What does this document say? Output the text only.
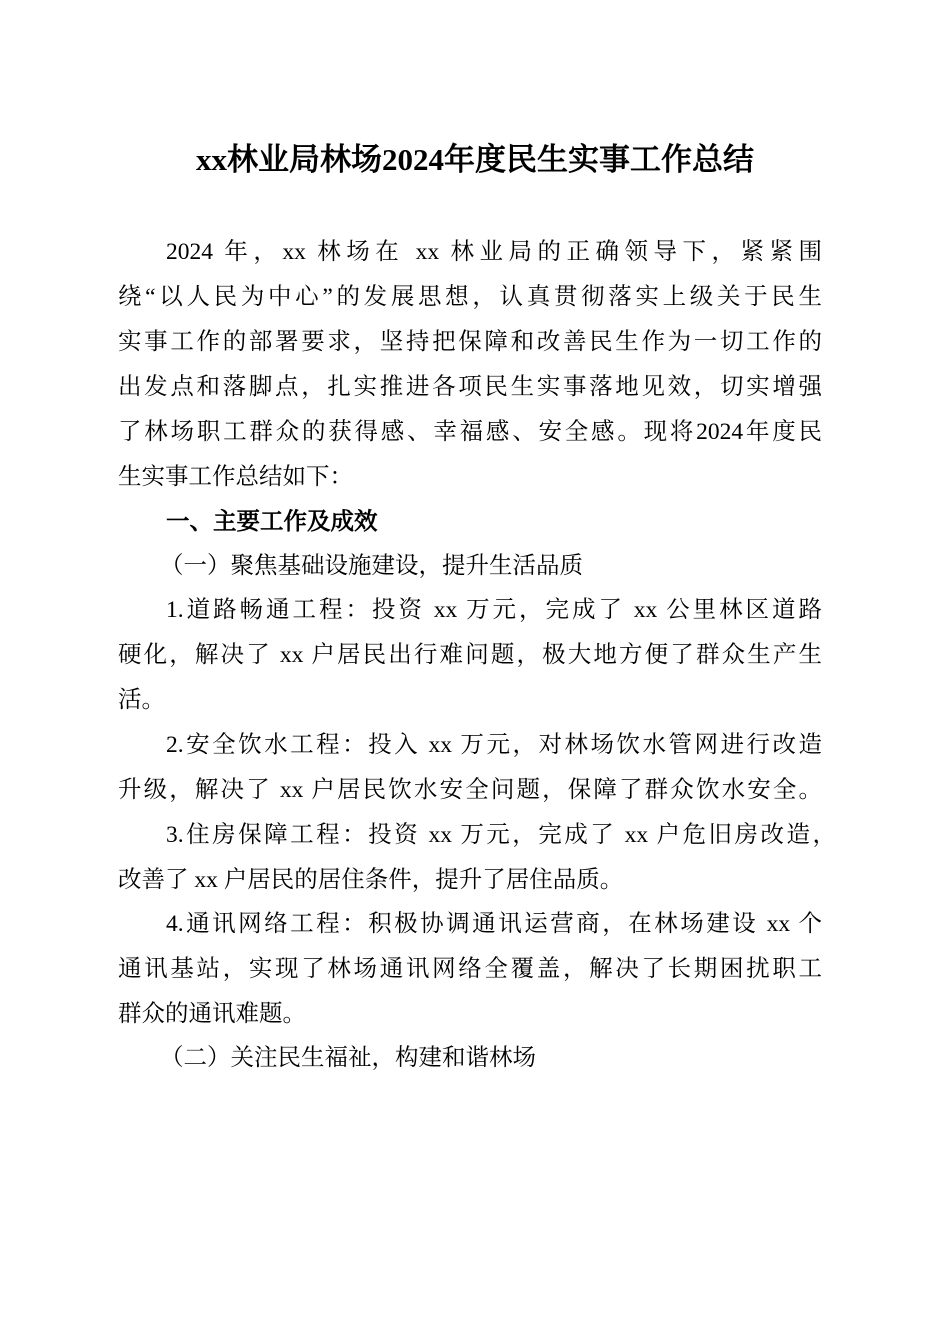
xx林业局林场2024年度民生实事工作总结
2024 年，xx 林场在 xx 林业局的正确领导下，紧紧围
绕“以人民为中心”的发展思想，认真贯彻落实上级关于民生
实事工作的部署要求，坚持把保障和改善民生作为一切工作的
出发点和落脚点，扎实推进各项民生实事落地见效，切实增强
了林场职工群众的获得感、幸福感、安全感。现将2024年度民
生实事工作总结如下：
一、主要工作及成效
（一）聚焦基础设施建设，提升生活品质
1.道路畅通工程：投资 xx 万元，完成了 xx 公里林区道路
硬化，解决了 xx 户居民出行难问题，极大地方便了群众生产生
活。
2.安全饮水工程：投入 xx 万元，对林场饮水管网进行改造
升级，解决了 xx 户居民饮水安全问题，保障了群众饮水安全。
3.住房保障工程：投资 xx 万元，完成了 xx 户危旧房改造，
改善了 xx 户居民的居住条件，提升了居住品质。
4.通讯网络工程：积极协调通讯运营商，在林场建设 xx 个
通讯基站，实现了林场通讯网络全覆盖，解决了长期困扰职工
群众的通讯难题。
（二）关注民生福祉，构建和谐林场
